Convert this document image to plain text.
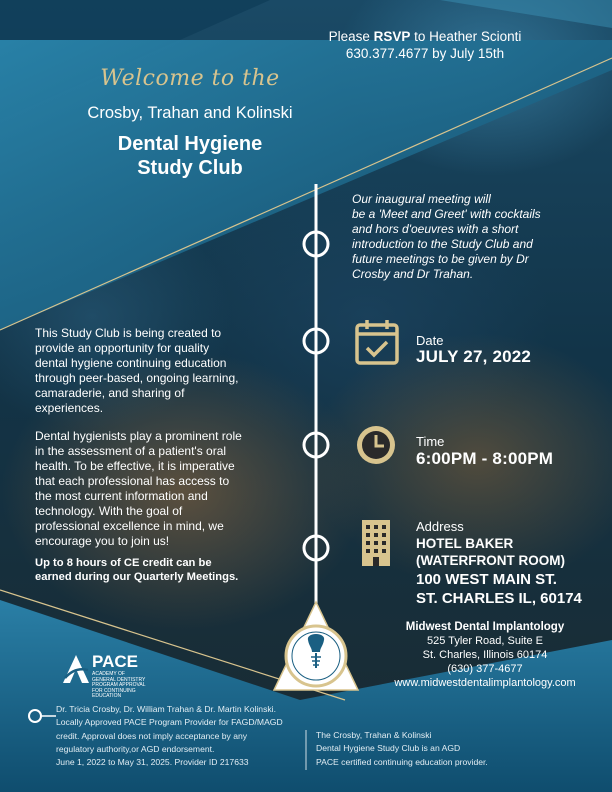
Please RSVP to Heather Scionti
630.377.4677 by July 15th
Welcome to the
Crosby, Trahan and Kolinski
Dental Hygiene
Study Club
Our inaugural meeting will
be a 'Meet and Greet' with cocktails
and hors d'oeuvres with a short
introduction to the Study Club and
future meetings to be given by Dr
Crosby and Dr Trahan.
This Study Club is being created to
provide an opportunity for quality
dental hygiene continuing education
through peer-based, ongoing learning,
camaraderie, and sharing of
experiences.
Dental hygienists play a prominent role
in the assessment of a patient's oral
health. To be effective, it is imperative
that each professional has access to
the most current information and
technology. With the goal of
professional excellence in mind, we
encourage you to join us!
Up to 8 hours of CE credit can be
earned during our Quarterly Meetings.
Date
JULY 27, 2022
Time
6:00PM - 8:00PM
Address
HOTEL BAKER
(WATERFRONT ROOM)
100 WEST MAIN ST.
ST. CHARLES IL, 60174
Midwest Dental Implantology
525 Tyler Road, Suite E
St. Charles, Illinois 60174
(630) 377-4677
www.midwestdentalimplantology.com
PACE
ACADEMY OF
GENERAL DENTISTRY
PROGRAM APPROVAL
FOR CONTINUING
EDUCATION
Dr. Tricia Crosby, Dr. William Trahan & Dr. Martin Kolinski.
Locally Approved PACE Program Provider for FAGD/MAGD
credit. Approval does not imply acceptance by any
regulatory authority,or AGD endorsement.
June 1, 2022 to May 31, 2025. Provider ID 217633
The Crosby, Trahan & Kolinski
Dental Hygiene Study Club is an AGD
PACE certified continuing education provider.
